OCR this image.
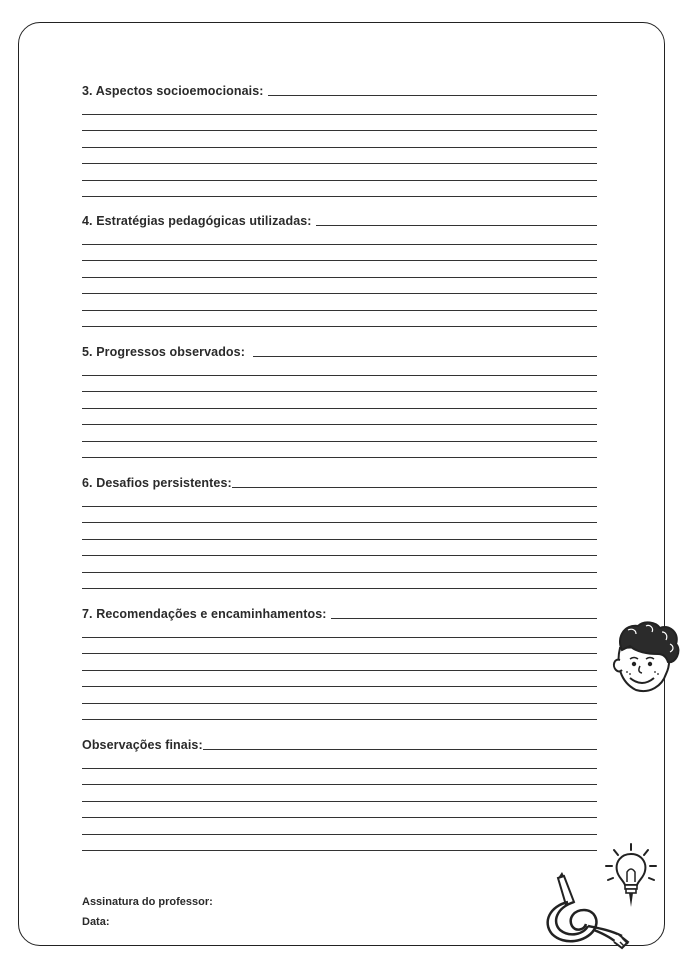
3. Aspectos socioemocionais:
4. Estratégias pedagógicas utilizadas:
5. Progressos observados:
6. Desafios persistentes:
7. Recomendações e encaminhamentos:
Observações finais:
Assinatura do professor:
Data:
